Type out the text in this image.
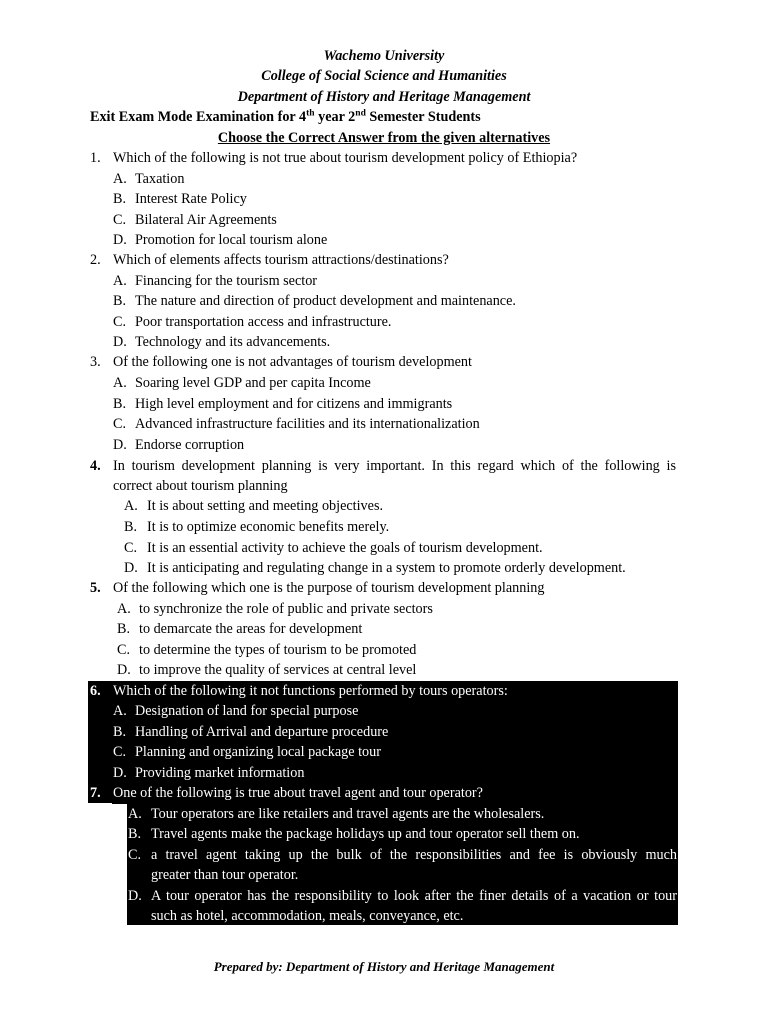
Wachemo University
College of Social Science and Humanities
Department of History and Heritage Management
Exit Exam Mode Examination for 4th year 2nd Semester Students
Choose the Correct Answer from the given alternatives
1. Which of the following is not true about tourism development policy of Ethiopia?
A. Taxation
B. Interest Rate Policy
C. Bilateral Air Agreements
D. Promotion for local tourism alone
2. Which of elements affects tourism attractions/destinations?
A. Financing for the tourism sector
B. The nature and direction of product development and maintenance.
C. Poor transportation access and infrastructure.
D. Technology and its advancements.
3. Of the following one is not advantages of tourism development
A. Soaring level GDP and per capita Income
B. High level employment and for citizens and immigrants
C. Advanced infrastructure facilities and its internationalization
D. Endorse corruption
4. In tourism development planning is very important. In this regard which of the following is
correct about tourism planning
A. It is about setting and meeting objectives.
B. It is to optimize economic benefits merely.
C. It is an essential activity to achieve the goals of tourism development.
D. It is anticipating and regulating change in a system to promote orderly development.
5. Of the following which one is the purpose of tourism development planning
A. to synchronize the role of public and private sectors
B. to demarcate the areas for development
C. to determine the types of tourism to be promoted
D. to improve the quality of services at central level
6. Which of the following it not functions performed by tours operators:
A. Designation of land for special purpose
B. Handling of Arrival and departure procedure
C. Planning and organizing local package tour
D. Providing market information
7. One of the following is true about travel agent and tour operator?
A. Tour operators are like retailers and travel agents are the wholesalers.
B. Travel agents make the package holidays up and tour operator sell them on.
C. a travel agent taking up the bulk of the responsibilities and fee is obviously much
greater than tour operator.
D. A tour operator has the responsibility to look after the finer details of a vacation or tour
such as hotel, accommodation, meals, conveyance, etc.
Prepared by: Department of History and Heritage Management
